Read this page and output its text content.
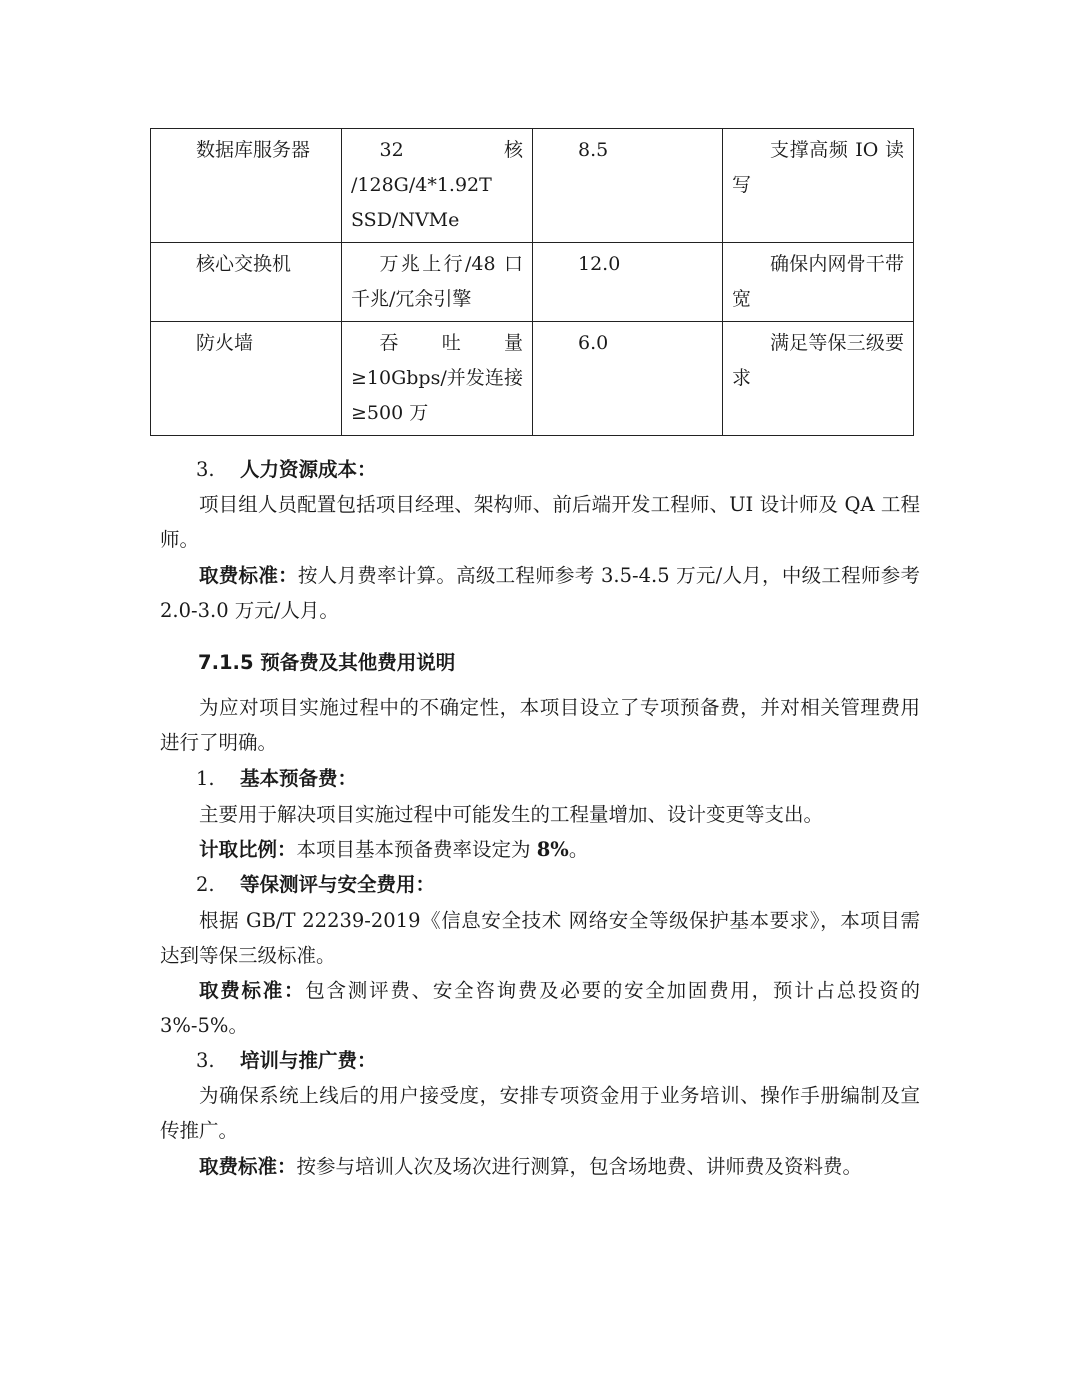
数据库服务器	32 核 /128G/4*1.92T SSD/NVMe	8.5	支撑高频 IO 读写
核心交换机	万兆上行/48 口千兆/冗余引擎	12.0	确保内网骨干带宽
防火墙	吞 吐 量 ≥10Gbps/并发连接≥500 万	6.0	满足等保三级要求
3. 人力资源成本：
项目组人员配置包括项目经理、架构师、前后端开发工程师、UI 设计师及 QA 工程师。
取费标准：按人月费率计算。高级工程师参考 3.5-4.5 万元/人月，中级工程师参考 2.0-3.0 万元/人月。
7.1.5 预备费及其他费用说明
为应对项目实施过程中的不确定性，本项目设立了专项预备费，并对相关管理费用进行了明确。
1. 基本预备费：
主要用于解决项目实施过程中可能发生的工程量增加、设计变更等支出。
计取比例：本项目基本预备费率设定为 8%。
2. 等保测评与安全费用：
根据 GB/T 22239-2019《信息安全技术 网络安全等级保护基本要求》，本项目需达到等保三级标准。
取费标准：包含测评费、安全咨询费及必要的安全加固费用，预计占总投资的 3%-5%。
3. 培训与推广费：
为确保系统上线后的用户接受度，安排专项资金用于业务培训、操作手册编制及宣传推广。
取费标准：按参与培训人次及场次进行测算，包含场地费、讲师费及资料费。
